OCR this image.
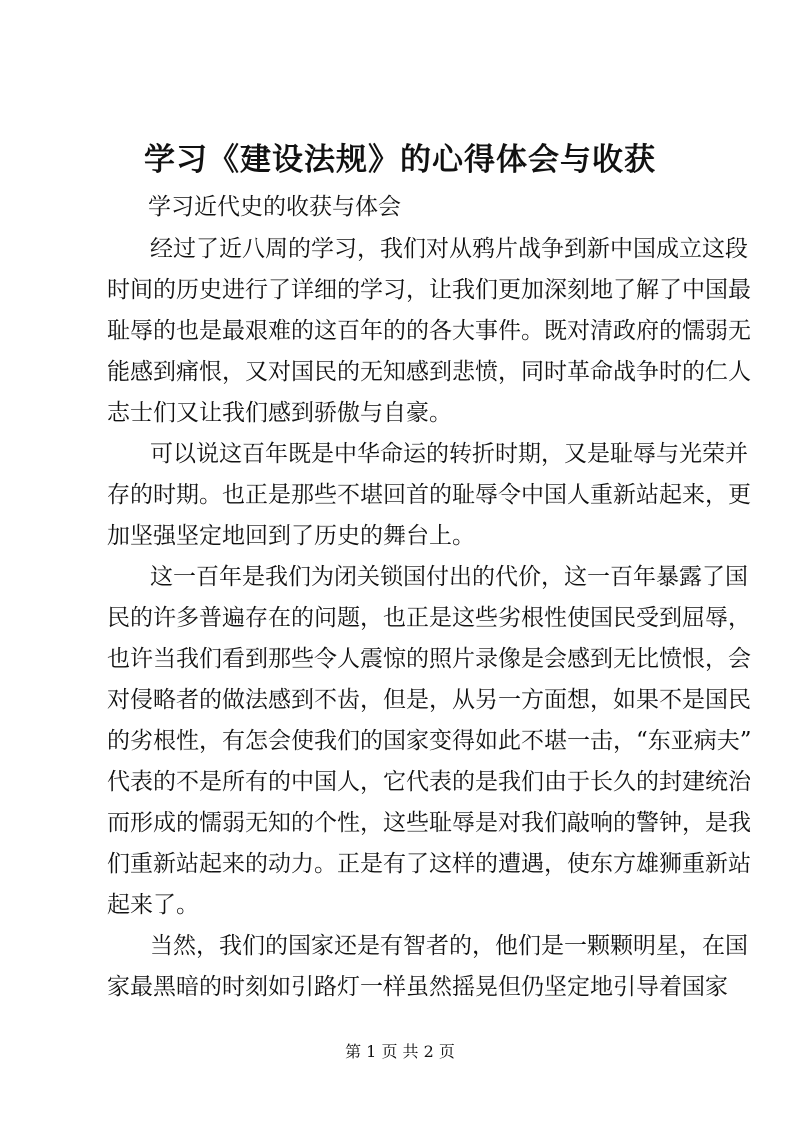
学习《建设法规》的心得体会与收获
学习近代史的收获与体会
经过了近八周的学习，我们对从鸦片战争到新中国成立这段
时间的历史进行了详细的学习，让我们更加深刻地了解了中国最
耻辱的也是最艰难的这百年的的各大事件。既对清政府的懦弱无
能感到痛恨，又对国民的无知感到悲愤，同时革命战争时的仁人
志士们又让我们感到骄傲与自豪。
可以说这百年既是中华命运的转折时期，又是耻辱与光荣并
存的时期。也正是那些不堪回首的耻辱令中国人重新站起来，更
加坚强坚定地回到了历史的舞台上。
这一百年是我们为闭关锁国付出的代价，这一百年暴露了国
民的许多普遍存在的问题，也正是这些劣根性使国民受到屈辱，
也许当我们看到那些令人震惊的照片录像是会感到无比愤恨，会
对侵略者的做法感到不齿，但是，从另一方面想，如果不是国民
的劣根性，有怎会使我们的国家变得如此不堪一击，“东亚病夫”
代表的不是所有的中国人，它代表的是我们由于长久的封建统治
而形成的懦弱无知的个性，这些耻辱是对我们敲响的警钟，是我
们重新站起来的动力。正是有了这样的遭遇，使东方雄狮重新站
起来了。
当然，我们的国家还是有智者的，他们是一颗颗明星，在国
家最黑暗的时刻如引路灯一样虽然摇晃但仍坚定地引导着国家
第 1 页 共 2 页
